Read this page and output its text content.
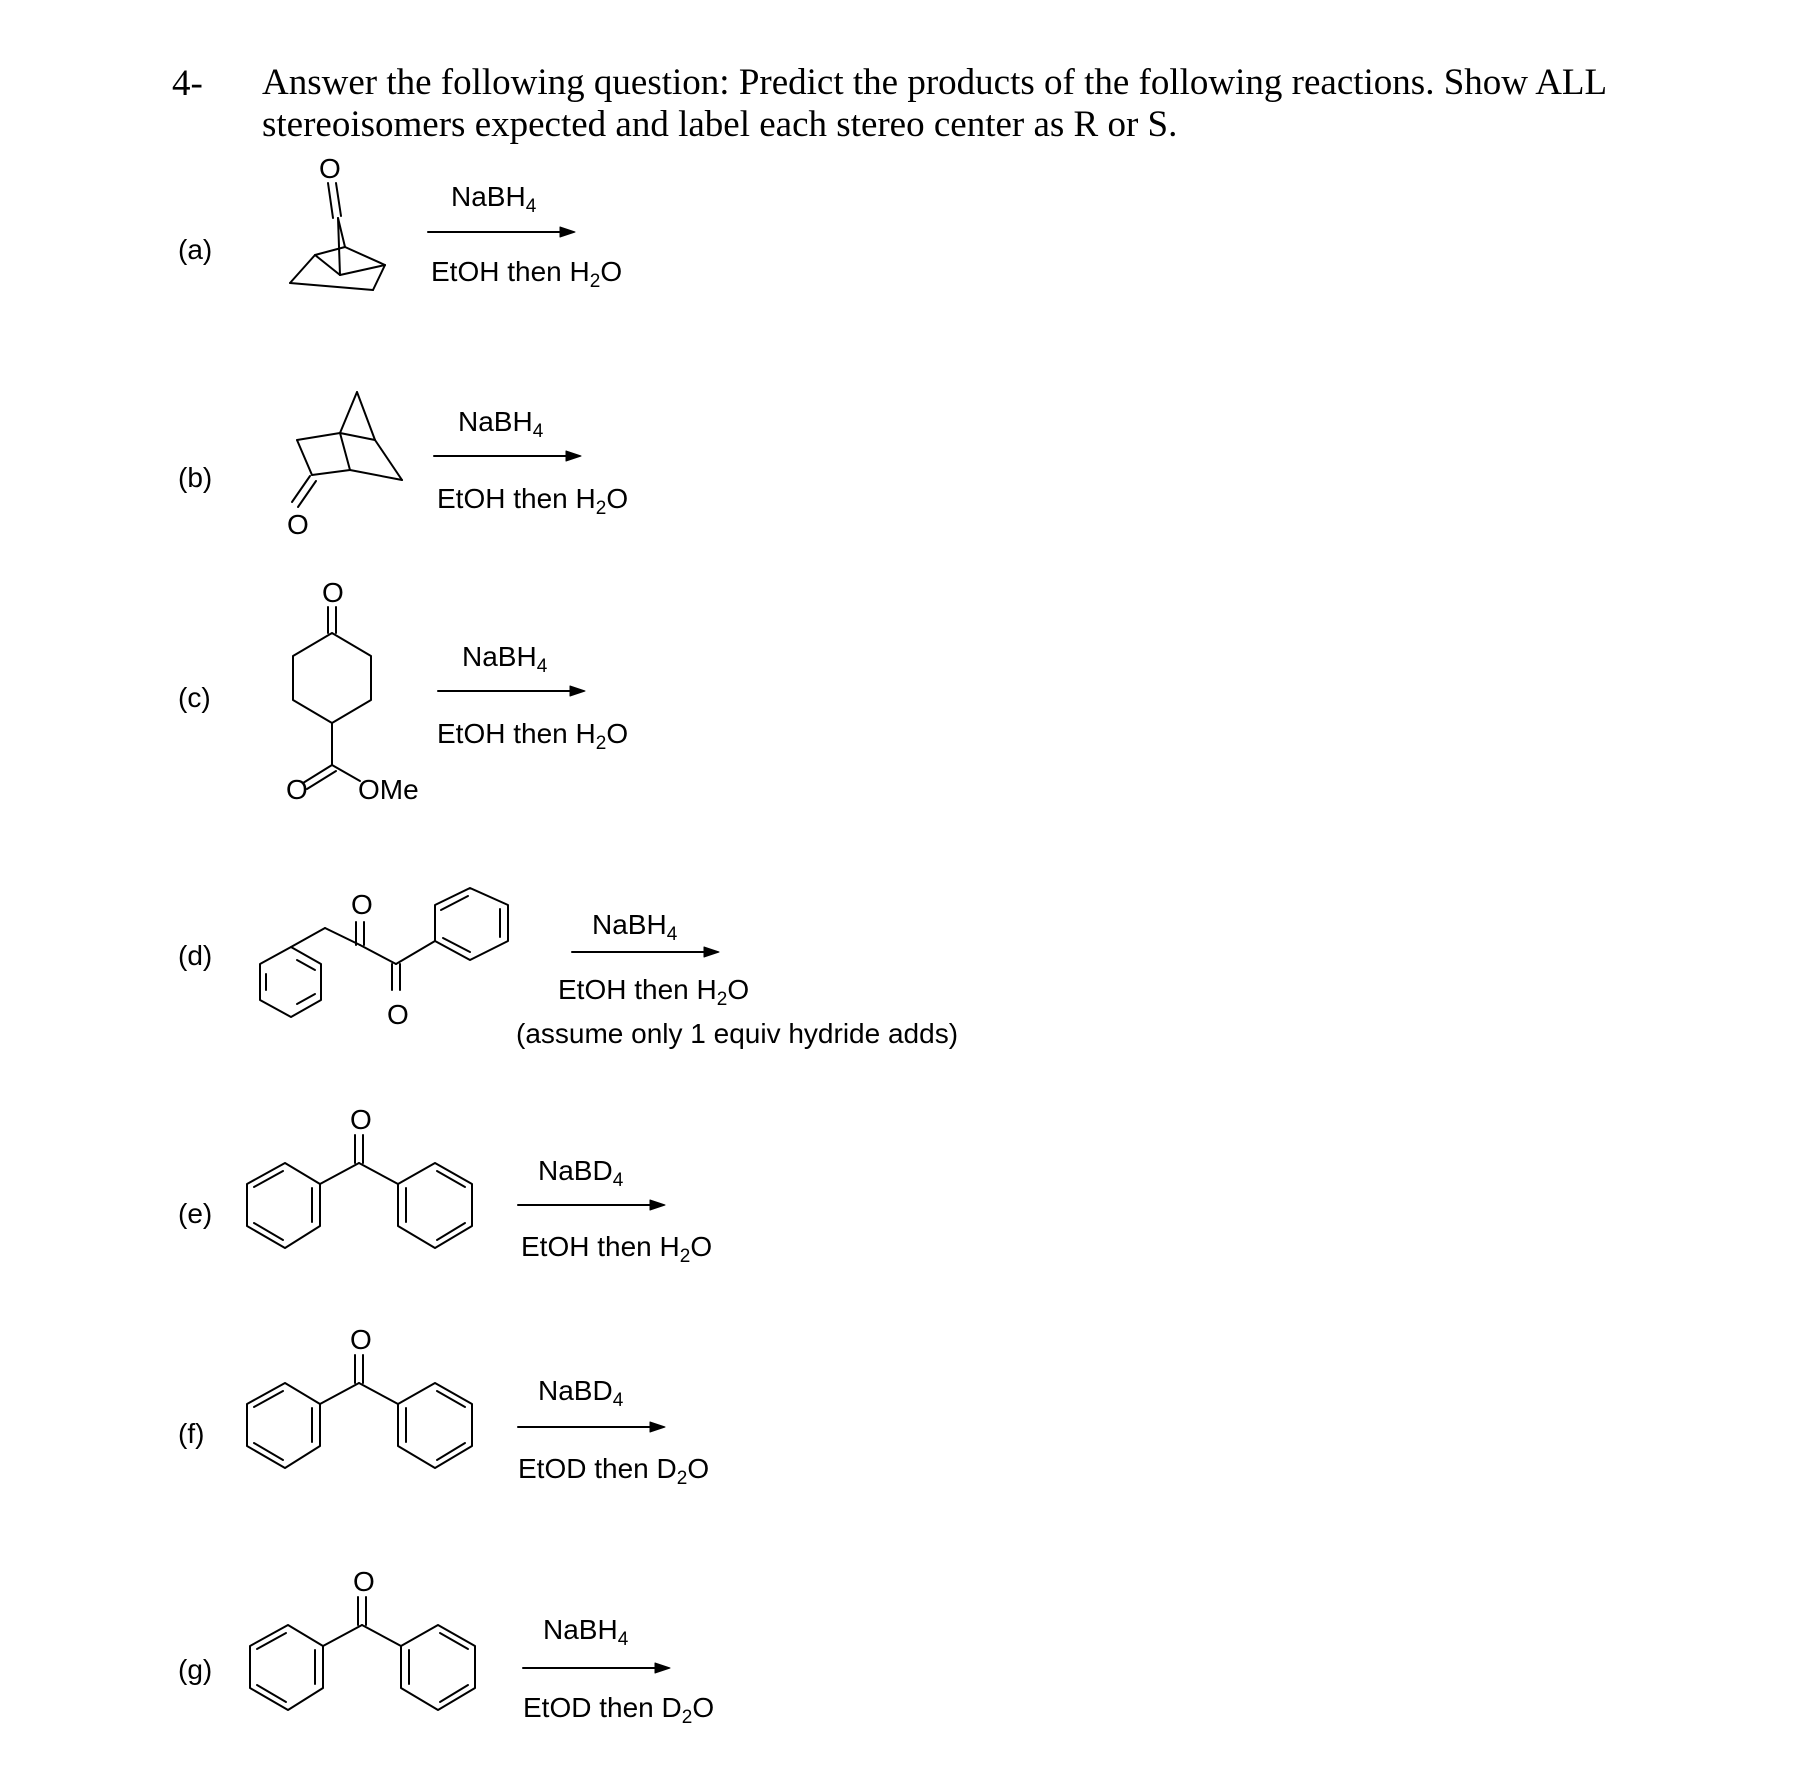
4- Answer the following question: Predict the products of the following reactions. Show ALL stereoisomers expected and label each stereo center as R or S.
(a)
(b)
(c)
(d)
(e)
(f)
(g)
NaBH$_4$
EtOH then $H_2O$
NaBH$_4$
EtOH then $H_2O$
NaBH$_4$
EtOH then $H_2O$
NaBH$_4$
EtOH then $H_2O$
(assume only 1 equiv hydride adds)
NaBD$_4$
EtOH then $H_2O$
NaBD$_4$
EtOD then $D_2O$
NaBH$_4$
EtOD then $D_2O$
O
O
O
O OMe
O
O
O
O
O
